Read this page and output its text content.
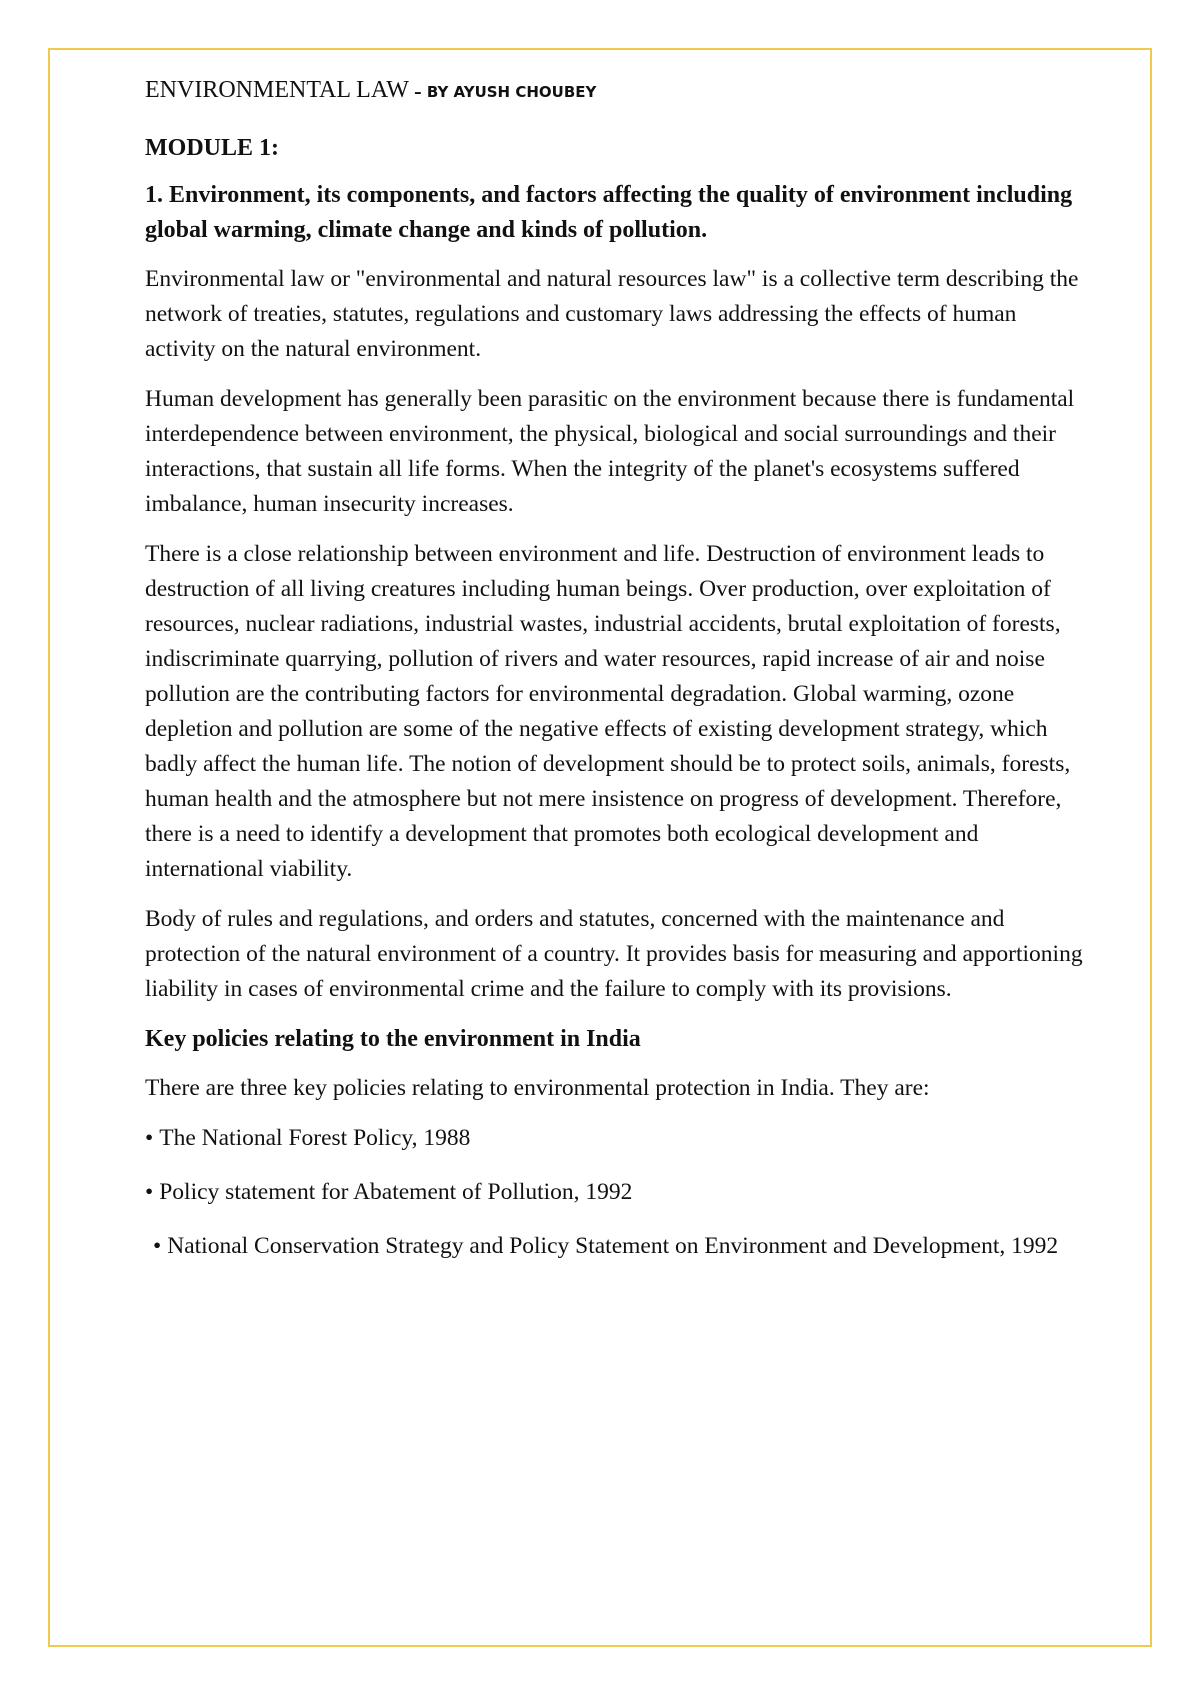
ENVIRONMENTAL LAW – BY AYUSH CHOUBEY
MODULE 1:
1. Environment, its components, and factors affecting the quality of environment including global warming, climate change and kinds of pollution.

Environmental law or "environmental and natural resources law" is a collective term describing the network of treaties, statutes, regulations and customary laws addressing the effects of human activity on the natural environment.

Human development has generally been parasitic on the environment because there is fundamental interdependence between environment, the physical, biological and social surroundings and their interactions, that sustain all life forms. When the integrity of the planet's ecosystems suffered imbalance, human insecurity increases.

There is a close relationship between environment and life. Destruction of environment leads to destruction of all living creatures including human beings. Over production, over exploitation of resources, nuclear radiations, industrial wastes, industrial accidents, brutal exploitation of forests, indiscriminate quarrying, pollution of rivers and water resources, rapid increase of air and noise pollution are the contributing factors for environmental degradation. Global warming, ozone depletion and pollution are some of the negative effects of existing development strategy, which badly affect the human life. The notion of development should be to protect soils, animals, forests, human health and the atmosphere but not mere insistence on progress of development. Therefore, there is a need to identify a development that promotes both ecological development and international viability.

Body of rules and regulations, and orders and statutes, concerned with the maintenance and protection of the natural environment of a country. It provides basis for measuring and apportioning liability in cases of environmental crime and the failure to comply with its provisions.

Key policies relating to the environment in India

There are three key policies relating to environmental protection in India. They are:

• The National Forest Policy, 1988
• Policy statement for Abatement of Pollution, 1992
• National Conservation Strategy and Policy Statement on Environment and Development, 1992
